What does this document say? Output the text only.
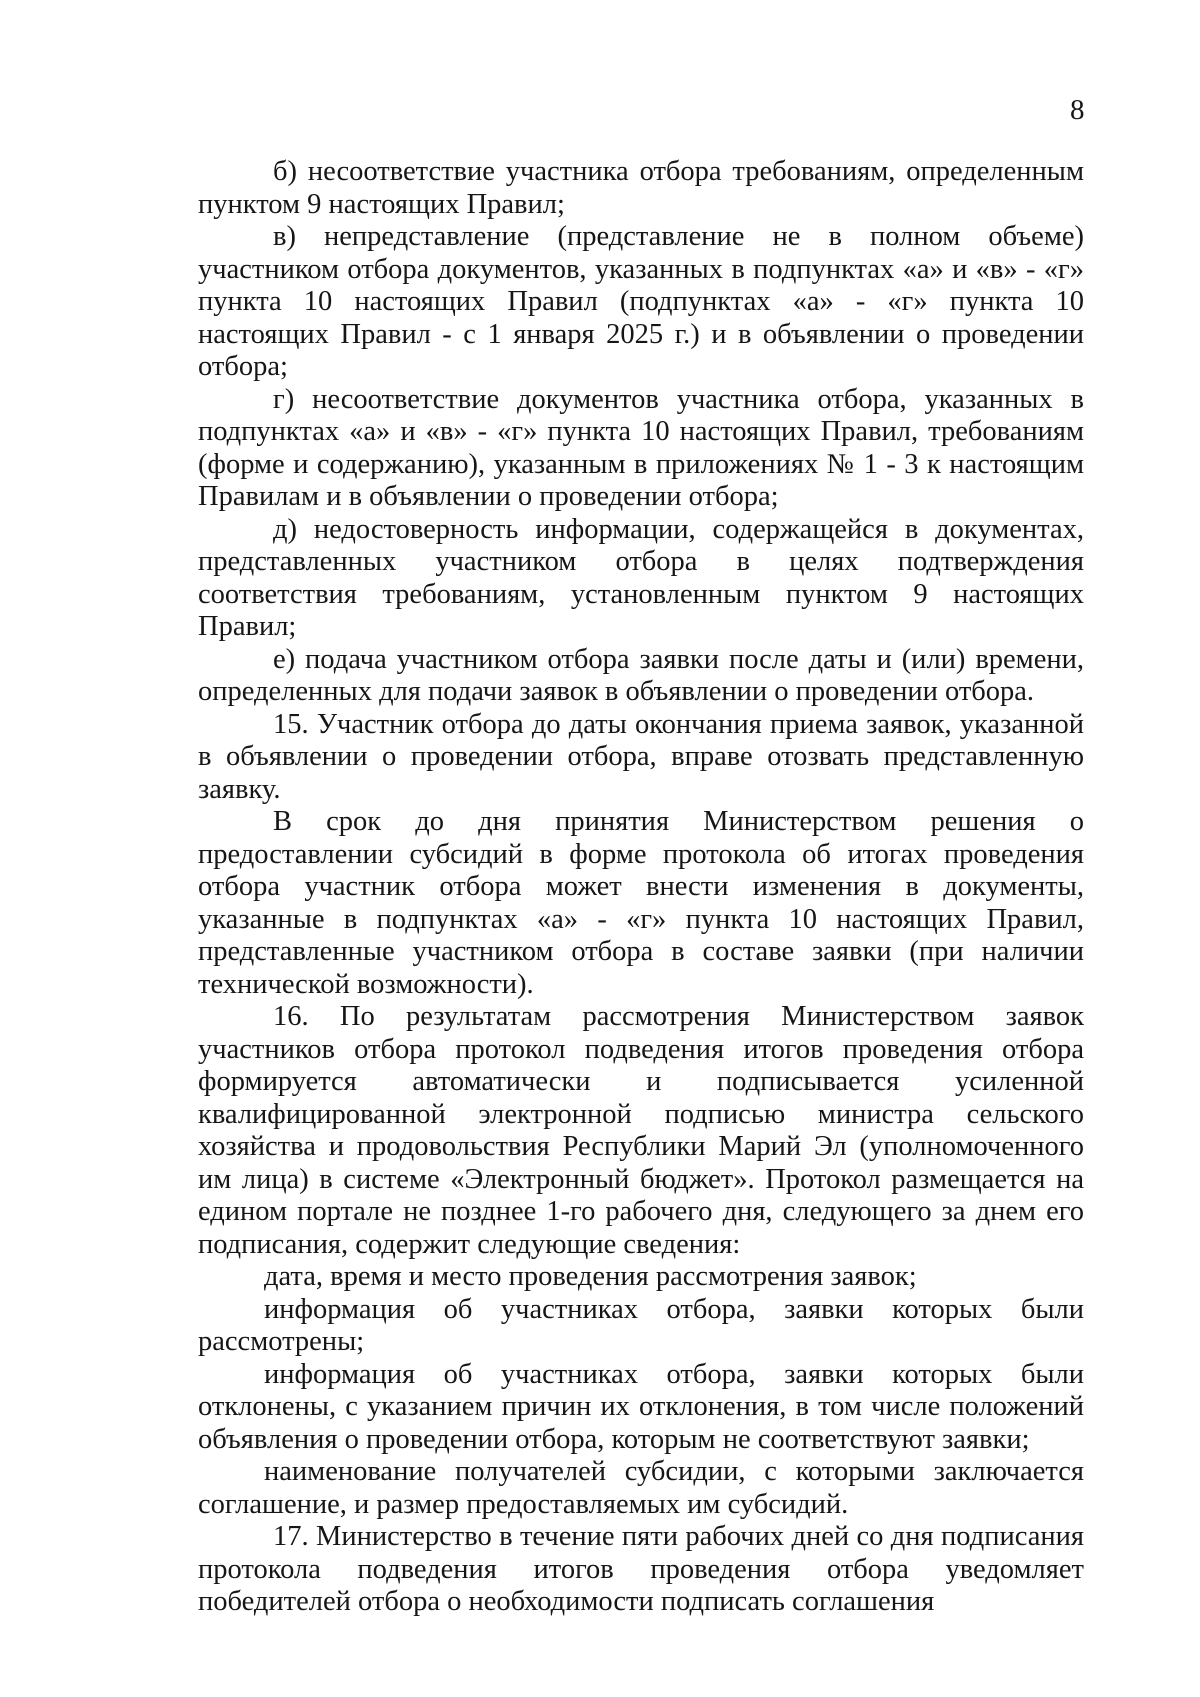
8

б) несоответствие участника отбора требованиям, определенным пунктом 9 настоящих Правил;

в) непредставление (представление не в полном объеме) участником отбора документов, указанных в подпунктах «а» и «в» - «г» пункта 10 настоящих Правил (подпунктах «а» - «г» пункта 10 настоящих Правил - с 1 января 2025 г.) и в объявлении о проведении отбора;

г) несоответствие документов участника отбора, указанных в подпунктах «а» и «в» - «г» пункта 10 настоящих Правил, требованиям (форме и содержанию), указанным в приложениях № 1 - 3 к настоящим Правилам и в объявлении о проведении отбора;

д) недостоверность информации, содержащейся в документах, представленных участником отбора в целях подтверждения соответствия требованиям, установленным пунктом 9 настоящих Правил;

е) подача участником отбора заявки после даты и (или) времени, определенных для подачи заявок в объявлении о проведении отбора.

15. Участник отбора до даты окончания приема заявок, указанной в объявлении о проведении отбора, вправе отозвать представленную заявку.

В срок до дня принятия Министерством решения о предоставлении субсидий в форме протокола об итогах проведения отбора участник отбора может внести изменения в документы, указанные в подпунктах «а» - «г» пункта 10 настоящих Правил, представленные участником отбора в составе заявки (при наличии технической возможности).

16. По результатам рассмотрения Министерством заявок участников отбора протокол подведения итогов проведения отбора формируется автоматически и подписывается усиленной квалифицированной электронной подписью министра сельского хозяйства и продовольствия Республики Марий Эл (уполномоченного им лица) в системе «Электронный бюджет». Протокол размещается на едином портале не позднее 1-го рабочего дня, следующего за днем его подписания, содержит следующие сведения:

дата, время и место проведения рассмотрения заявок;

информация об участниках отбора, заявки которых были рассмотрены;

информация об участниках отбора, заявки которых были отклонены, с указанием причин их отклонения, в том числе положений объявления о проведении отбора, которым не соответствуют заявки;

наименование получателей субсидии, с которыми заключается соглашение, и размер предоставляемых им субсидий.

17. Министерство в течение пяти рабочих дней со дня подписания протокола подведения итогов проведения отбора уведомляет победителей отбора о необходимости подписать соглашения
